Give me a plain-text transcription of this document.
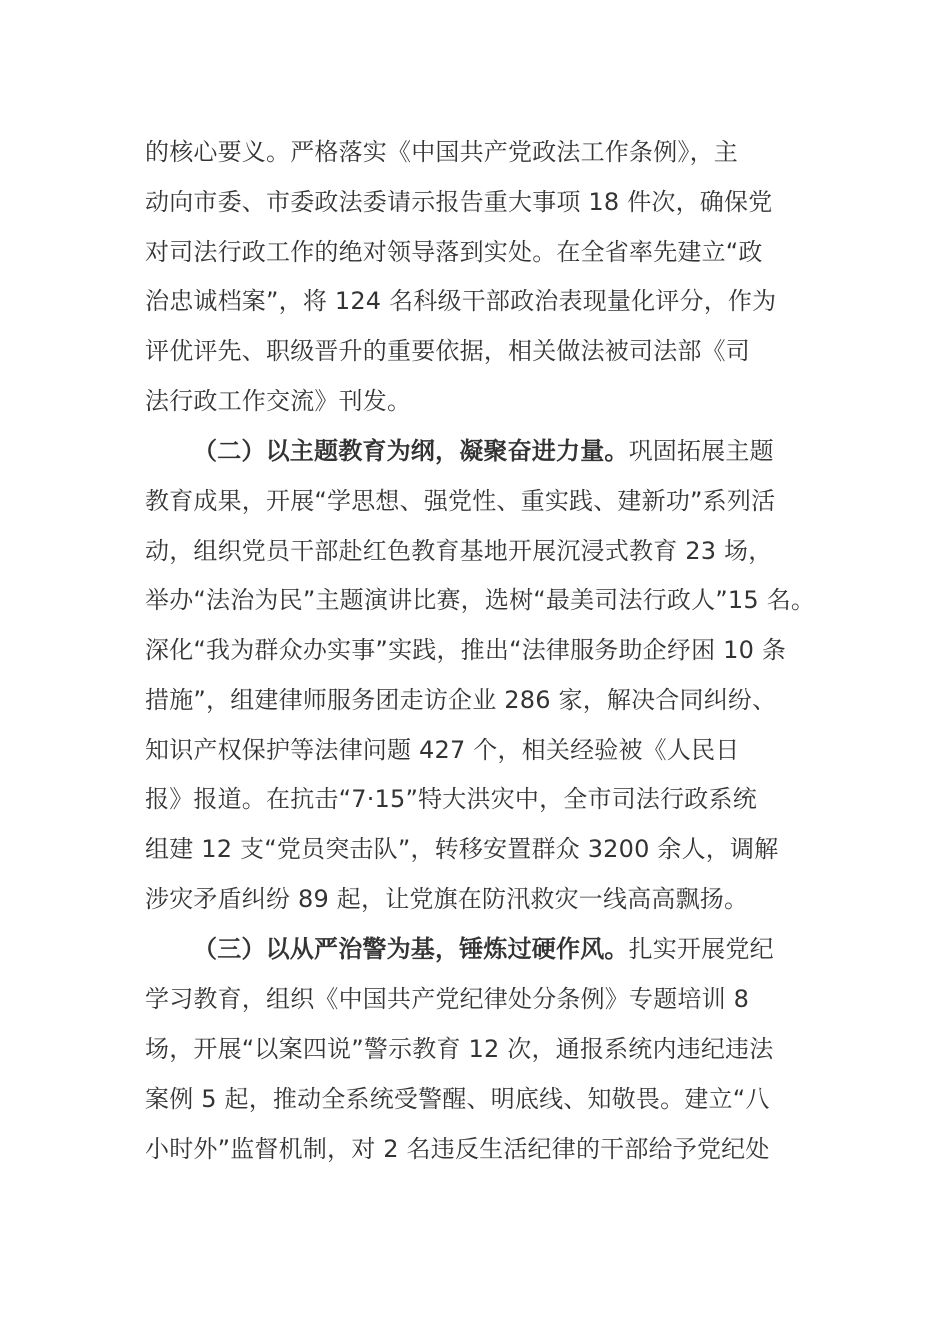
的核心要义。严格落实《中国共产党政法工作条例》，主
动向市委、市委政法委请示报告重大事项 18 件次，确保党
对司法行政工作的绝对领导落到实处。在全省率先建立“政
治忠诚档案”，将 124 名科级干部政治表现量化评分，作为
评优评先、职级晋升的重要依据，相关做法被司法部《司
法行政工作交流》刊发。
（二）以主题教育为纲，凝聚奋进力量。巩固拓展主题
教育成果，开展“学思想、强党性、重实践、建新功”系列活
动，组织党员干部赴红色教育基地开展沉浸式教育 23 场，
举办“法治为民”主题演讲比赛，选树“最美司法行政人”15 名。
深化“我为群众办实事”实践，推出“法律服务助企纾困 10 条
措施”，组建律师服务团走访企业 286 家，解决合同纠纷、
知识产权保护等法律问题 427 个，相关经验被《人民日
报》报道。在抗击“7·15”特大洪灾中，全市司法行政系统
组建 12 支“党员突击队”，转移安置群众 3200 余人，调解
涉灾矛盾纠纷 89 起，让党旗在防汛救灾一线高高飘扬。
（三）以从严治警为基，锤炼过硬作风。扎实开展党纪
学习教育，组织《中国共产党纪律处分条例》专题培训 8
场，开展“以案四说”警示教育 12 次，通报系统内违纪违法
案例 5 起，推动全系统受警醒、明底线、知敬畏。建立“八
小时外”监督机制，对 2 名违反生活纪律的干部给予党纪处
